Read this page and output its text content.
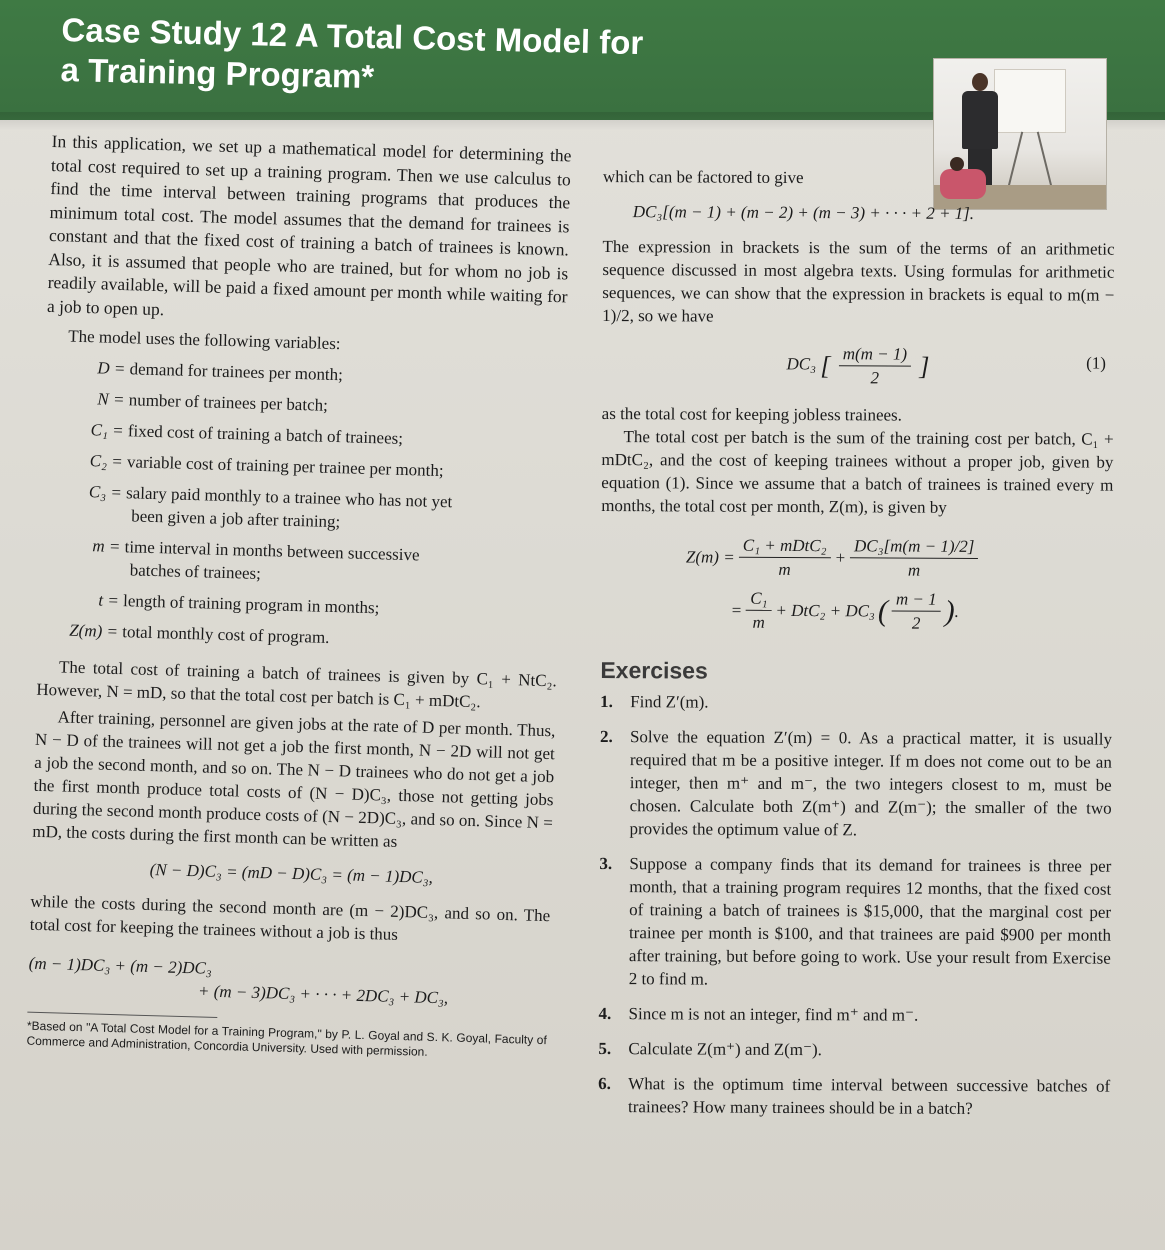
Case Study 12 A Total Cost Model for
a Training Program*

In this application, we set up a mathematical model for determining the total cost required to set up a training program. Then we use calculus to find the time interval between training programs that produces the minimum total cost. The model assumes that the demand for trainees is constant and that the fixed cost of training a batch of trainees is known. Also, it is assumed that people who are trained, but for whom no job is readily available, will be paid a fixed amount per month while waiting for a job to open up.

The model uses the following variables:

D = demand for trainees per month;
N = number of trainees per batch;
C₁ = fixed cost of training a batch of trainees;
C₂ = variable cost of training per trainee per month;
C₃ = salary paid monthly to a trainee who has not yet
been given a job after training;
m = time interval in months between successive
batches of trainees;
t = length of training program in months;
Z(m) = total monthly cost of program.

The total cost of training a batch of trainees is given by C₁ + NtC₂. However, N = mD, so that the total cost per batch is C₁ + mDtC₂.

After training, personnel are given jobs at the rate of D per month. Thus, N − D of the trainees will not get a job the first month, N − 2D will not get a job the second month, and so on. The N − D trainees who do not get a job the first month produce total costs of (N − D)C₃, those not getting jobs during the second month produce costs of (N − 2D)C₃, and so on. Since N = mD, the costs during the first month can be written as

(N − D)C₃ = (mD − D)C₃ = (m − 1)DC₃,

while the costs during the second month are (m − 2)DC₃, and so on. The total cost for keeping the trainees without a job is thus

(m − 1)DC₃ + (m − 2)DC₃
+ (m − 3)DC₃ + · · · + 2DC₃ + DC₃,

*Based on "A Total Cost Model for a Training Program," by P. L. Goyal and S. K. Goyal, Faculty of Commerce and Administration, Concordia University. Used with permission.

which can be factored to give

DC₃[(m − 1) + (m − 2) + (m − 3) + · · · + 2 + 1].

The expression in brackets is the sum of the terms of an arithmetic sequence discussed in most algebra texts. Using formulas for arithmetic sequences, we can show that the expression in brackets is equal to m(m − 1)/2, so we have

DC₃ [ $\frac{m(m - 1)}{2}$ ]	(1)

as the total cost for keeping jobless trainees.

The total cost per batch is the sum of the training cost per batch, C₁ + mDtC₂, and the cost of keeping trainees without a proper job, given by equation (1). Since we assume that a batch of trainees is trained every m months, the total cost per month, Z(m), is given by

$Z(m) = \frac{\text{C₁ + mDtC₂}}{m} + \frac{\text{DC₃[m(m − 1)/2]}}{m}$
= $\frac{\text{C₁}}{m} + DtC_2 + DC_3$ ( $\frac{m - 1}{2}$ ) .
Exercises
1.	Find Z′(m).
2.	Solve the equation Z′(m) = 0. As a practical matter, it is usually required that m be a positive integer. If m does not come out to be an integer, then m⁺ and m⁻, the two integers closest to m, must be chosen. Calculate both Z(m⁺) and Z(m⁻); the smaller of the two provides the optimum value of Z.
3.	Suppose a company finds that its demand for trainees is three per month, that a training program requires 12 months, that the fixed cost of training a batch of trainees is $15,000, that the marginal cost per trainee per month is $100, and that trainees are paid $900 per month after training, but before going to work. Use your result from Exercise 2 to find m.
4.	Since m is not an integer, find m⁺ and m⁻.
5.	Calculate Z(m⁺) and Z(m⁻).
6.	What is the optimum time interval between successive batches of trainees? How many trainees should be in a batch?
